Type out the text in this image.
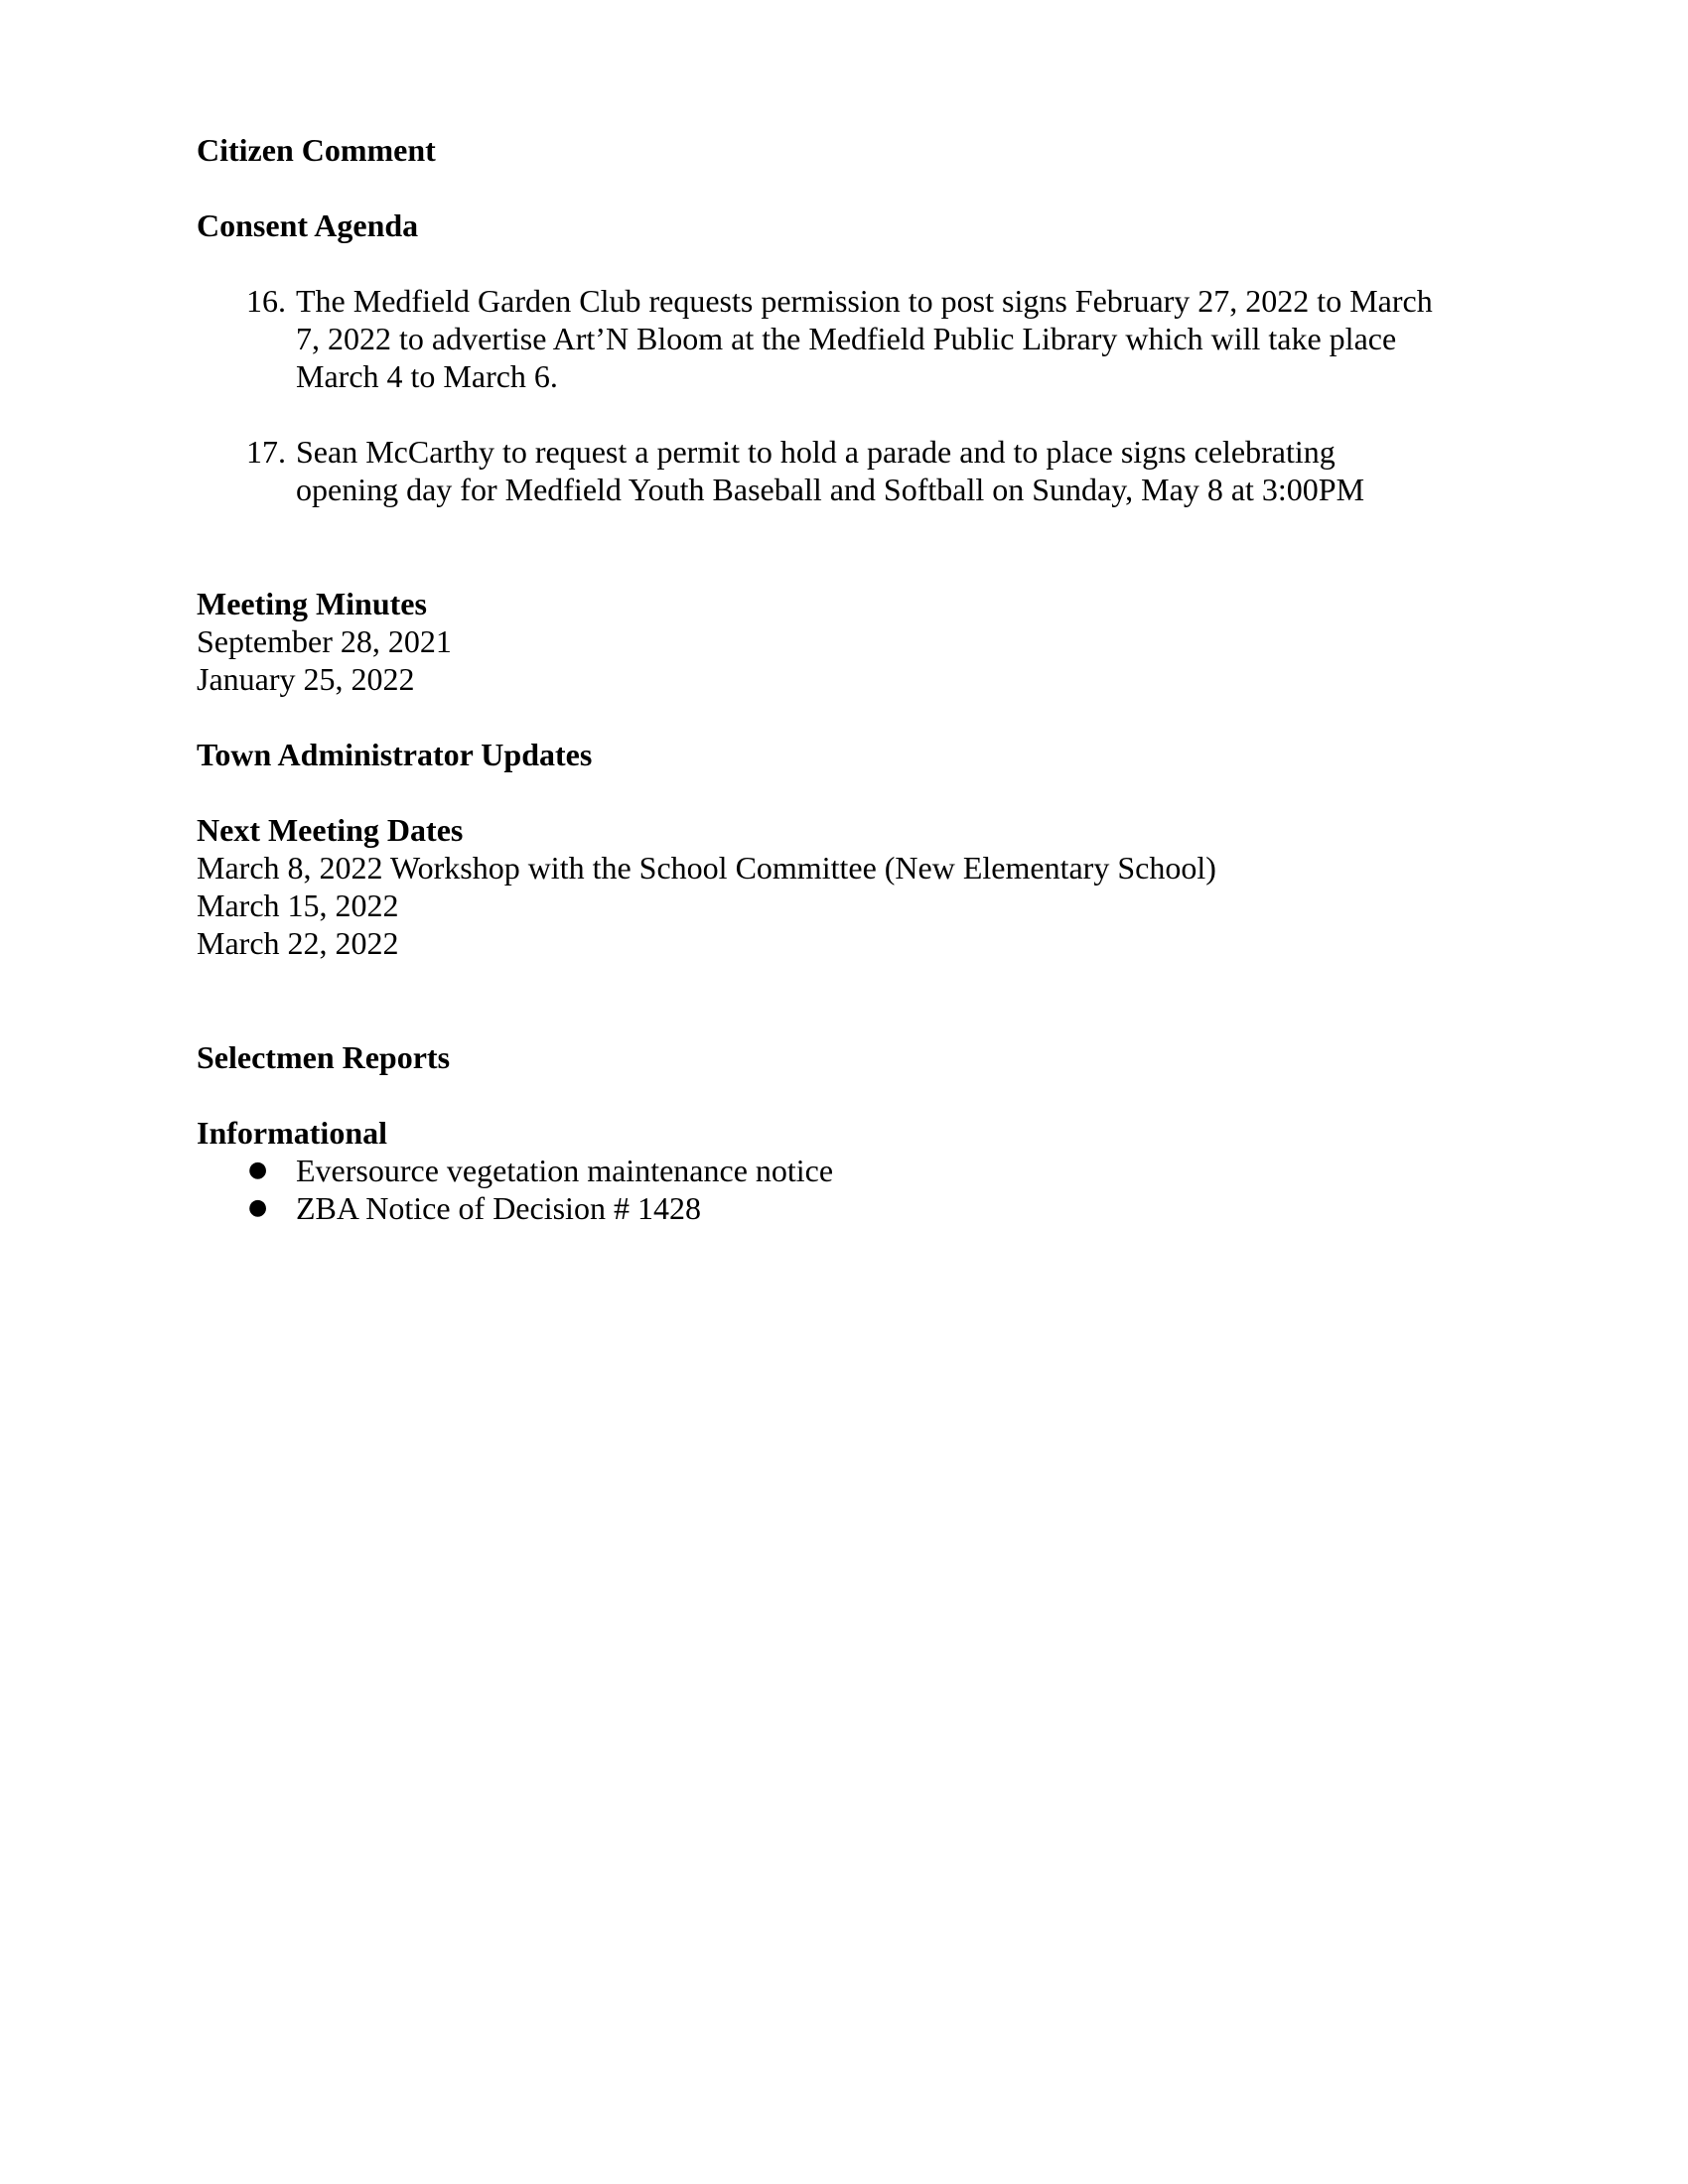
Citizen Comment
Consent Agenda
16. The Medfield Garden Club requests permission to post signs February 27, 2022 to March
7, 2022 to advertise Art’N Bloom at the Medfield Public Library which will take place
March 4 to March 6.
17. Sean McCarthy to request a permit to hold a parade and to place signs celebrating
opening day for Medfield Youth Baseball and Softball on Sunday, May 8 at 3:00PM
Meeting Minutes
September 28, 2021
January 25, 2022
Town Administrator Updates
Next Meeting Dates
March 8, 2022 Workshop with the School Committee (New Elementary School)
March 15, 2022
March 22, 2022
Selectmen Reports
Informational
● Eversource vegetation maintenance notice
● ZBA Notice of Decision # 1428
